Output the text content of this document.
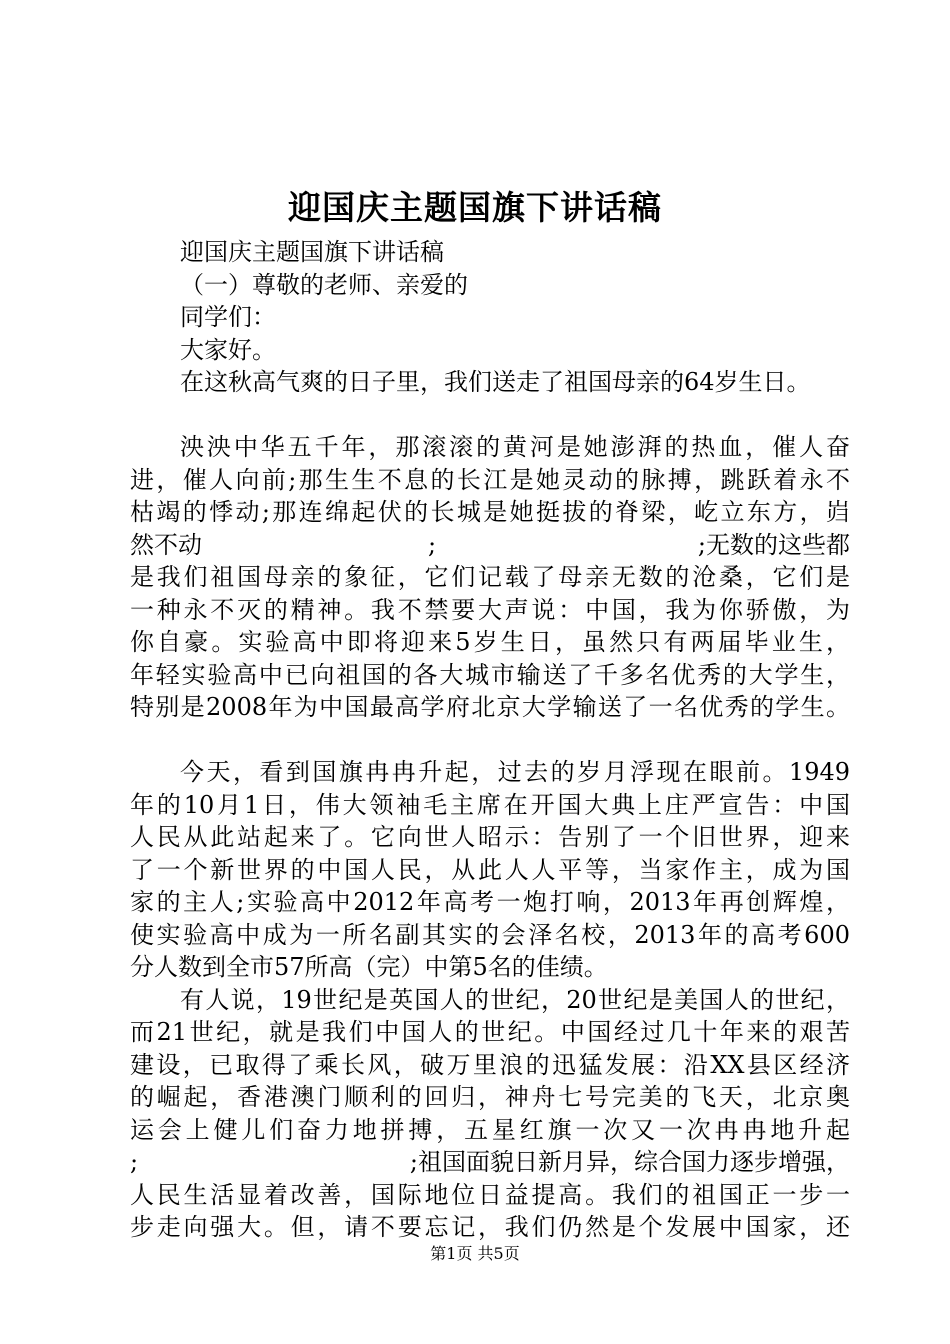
迎国庆主题国旗下讲话稿
迎国庆主题国旗下讲话稿
（一）尊敬的老师、亲爱的
同学们：
大家好。
在这秋高气爽的日子里，我们送走了祖国母亲的64岁生日。
泱泱中华五千年，那滚滚的黄河是她澎湃的热血，催人奋
进，催人向前;那生生不息的长江是她灵动的脉搏，跳跃着永不
枯竭的悸动;那连绵起伏的长城是她挺拔的脊梁，屹立东方，岿
然不动	;	;无数的这些都
是我们祖国母亲的象征，它们记载了母亲无数的沧桑，它们是
一种永不灭的精神。我不禁要大声说：中国，我为你骄傲，为
你自豪。实验高中即将迎来5岁生日，虽然只有两届毕业生，
年轻实验高中已向祖国的各大城市输送了千多名优秀的大学生，
特别是2008年为中国最高学府北京大学输送了一名优秀的学生。
今天，看到国旗冉冉升起，过去的岁月浮现在眼前。1949
年的10月1日，伟大领袖毛主席在开国大典上庄严宣告：中国
人民从此站起来了。它向世人昭示：告别了一个旧世界，迎来
了一个新世界的中国人民，从此人人平等，当家作主，成为国
家的主人;实验高中2012年高考一炮打响，2013年再创辉煌，
使实验高中成为一所名副其实的会泽名校，2013年的高考600
分人数到全市57所高（完）中第5名的佳绩。
有人说，19世纪是英国人的世纪，20世纪是美国人的世纪，
而21世纪，就是我们中国人的世纪。中国经过几十年来的艰苦
建设，已取得了乘长风，破万里浪的迅猛发展：沿XX县区经济
的崛起，香港澳门顺利的回归，神舟七号完美的飞天，北京奥
运会上健儿们奋力地拼搏，五星红旗一次又一次冉冉地升起
;	;祖国面貌日新月异，综合国力逐步增强，
人民生活显着改善，国际地位日益提高。我们的祖国正一步一
步走向强大。但，请不要忘记，我们仍然是个发展中国家，还
第1页 共5页
